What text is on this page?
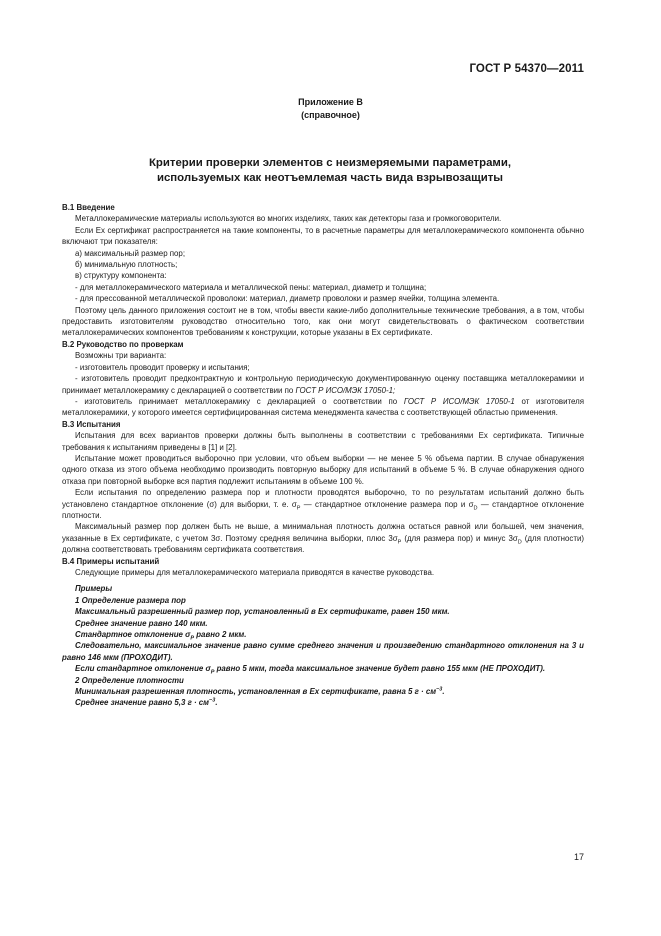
ГОСТ Р 54370—2011
Приложение В
(справочное)
Критерии проверки элементов с неизмеряемыми параметрами,
используемых как неотъемлемая часть вида взрывозащиты

В.1 Введение

Металлокерамические материалы используются во многих изделиях, таких как детекторы газа и громкоговорители.

Если Ex сертификат распространяется на такие компоненты, то в расчетные параметры для металлокерамического компонента обычно включают три показателя:

а) максимальный размер пор;

б) минимальную плотность;

в) структуру компонента:

- для металлокерамического материала и металлической пены: материал, диаметр и толщина;

- для прессованной металлической проволоки: материал, диаметр проволоки и размер ячейки, толщина элемента.

Поэтому цель данного приложения состоит не в том, чтобы ввести какие-либо дополнительные технические требования, а в том, чтобы предоставить изготовителям руководство относительно того, как они могут свидетельствовать о фактическом соответствии металлокерамических компонентов требованиям к конструкции, которые указаны в Ex сертификате.

В.2 Руководство по проверкам

Возможны три варианта:

- изготовитель проводит проверку и испытания;

- изготовитель проводит предконтрактную и контрольную периодическую документированную оценку поставщика металлокерамики и принимает металлокерамику с декларацией о соответствии по ГОСТ Р ИСО/МЭК 17050-1;

- изготовитель принимает металлокерамику с декларацией о соответствии по ГОСТ Р ИСО/МЭК 17050-1 от изготовителя металлокерамики, у которого имеется сертифицированная система менеджмента качества с соответствующей областью применения.

В.3 Испытания

Испытания для всех вариантов проверки должны быть выполнены в соответствии с требованиями Ex сертификата. Типичные требования к испытаниям приведены в [1] и [2].

Испытание может проводиться выборочно при условии, что объем выборки — не менее 5 % объема партии. В случае обнаружения одного отказа из этого объема необходимо производить повторную выборку для испытаний в объеме 5 %. В случае обнаружения одного отказа при повторной выборке вся партия подлежит испытаниям в объеме 100 %.

Если испытания по определению размера пор и плотности проводятся выборочно, то по результатам испытаний должно быть установлено стандартное отклонение (σ) для выборки, т. е. $\sigma_P$ — стандартное отклонение размера пор и $\sigma_D$ — стандартное отклонение плотности.

Максимальный размер пор должен быть не выше, а минимальная плотность должна остаться равной или большей, чем значения, указанные в Ex сертификате, с учетом 3σ. Поэтому средняя величина выборки, плюс $3\sigma_P$ (для размера пор) и минус $3\sigma_D$ (для плотности) должна соответствовать требованиям сертификата соответствия.

В.4 Примеры испытаний

Следующие примеры для металлокерамического материала приводятся в качестве руководства.

Примеры

1 Определение размера пор

Максимальный разрешенный размер пор, установленный в Ex сертификате, равен 150 мкм.

Среднее значение равно 140 мкм.

Стандартное отклонение $\sigma_P$ равно 2 мкм.

Следовательно, максимальное значение равно сумме среднего значения и произведению стандартного отклонения на 3 и равно 146 мкм (ПРОХОДИТ).

Если стандартное отклонение $\sigma_P$ равно 5 мкм, тогда максимальное значение будет равно 155 мкм (НЕ ПРОХОДИТ).

2 Определение плотности

Минимальная разрешенная плотность, установленная в Ex сертификате, равна 5 $г \cdot см^{-3}$.

Среднее значение равно 5,3 $г \cdot см^{-3}$.

17
